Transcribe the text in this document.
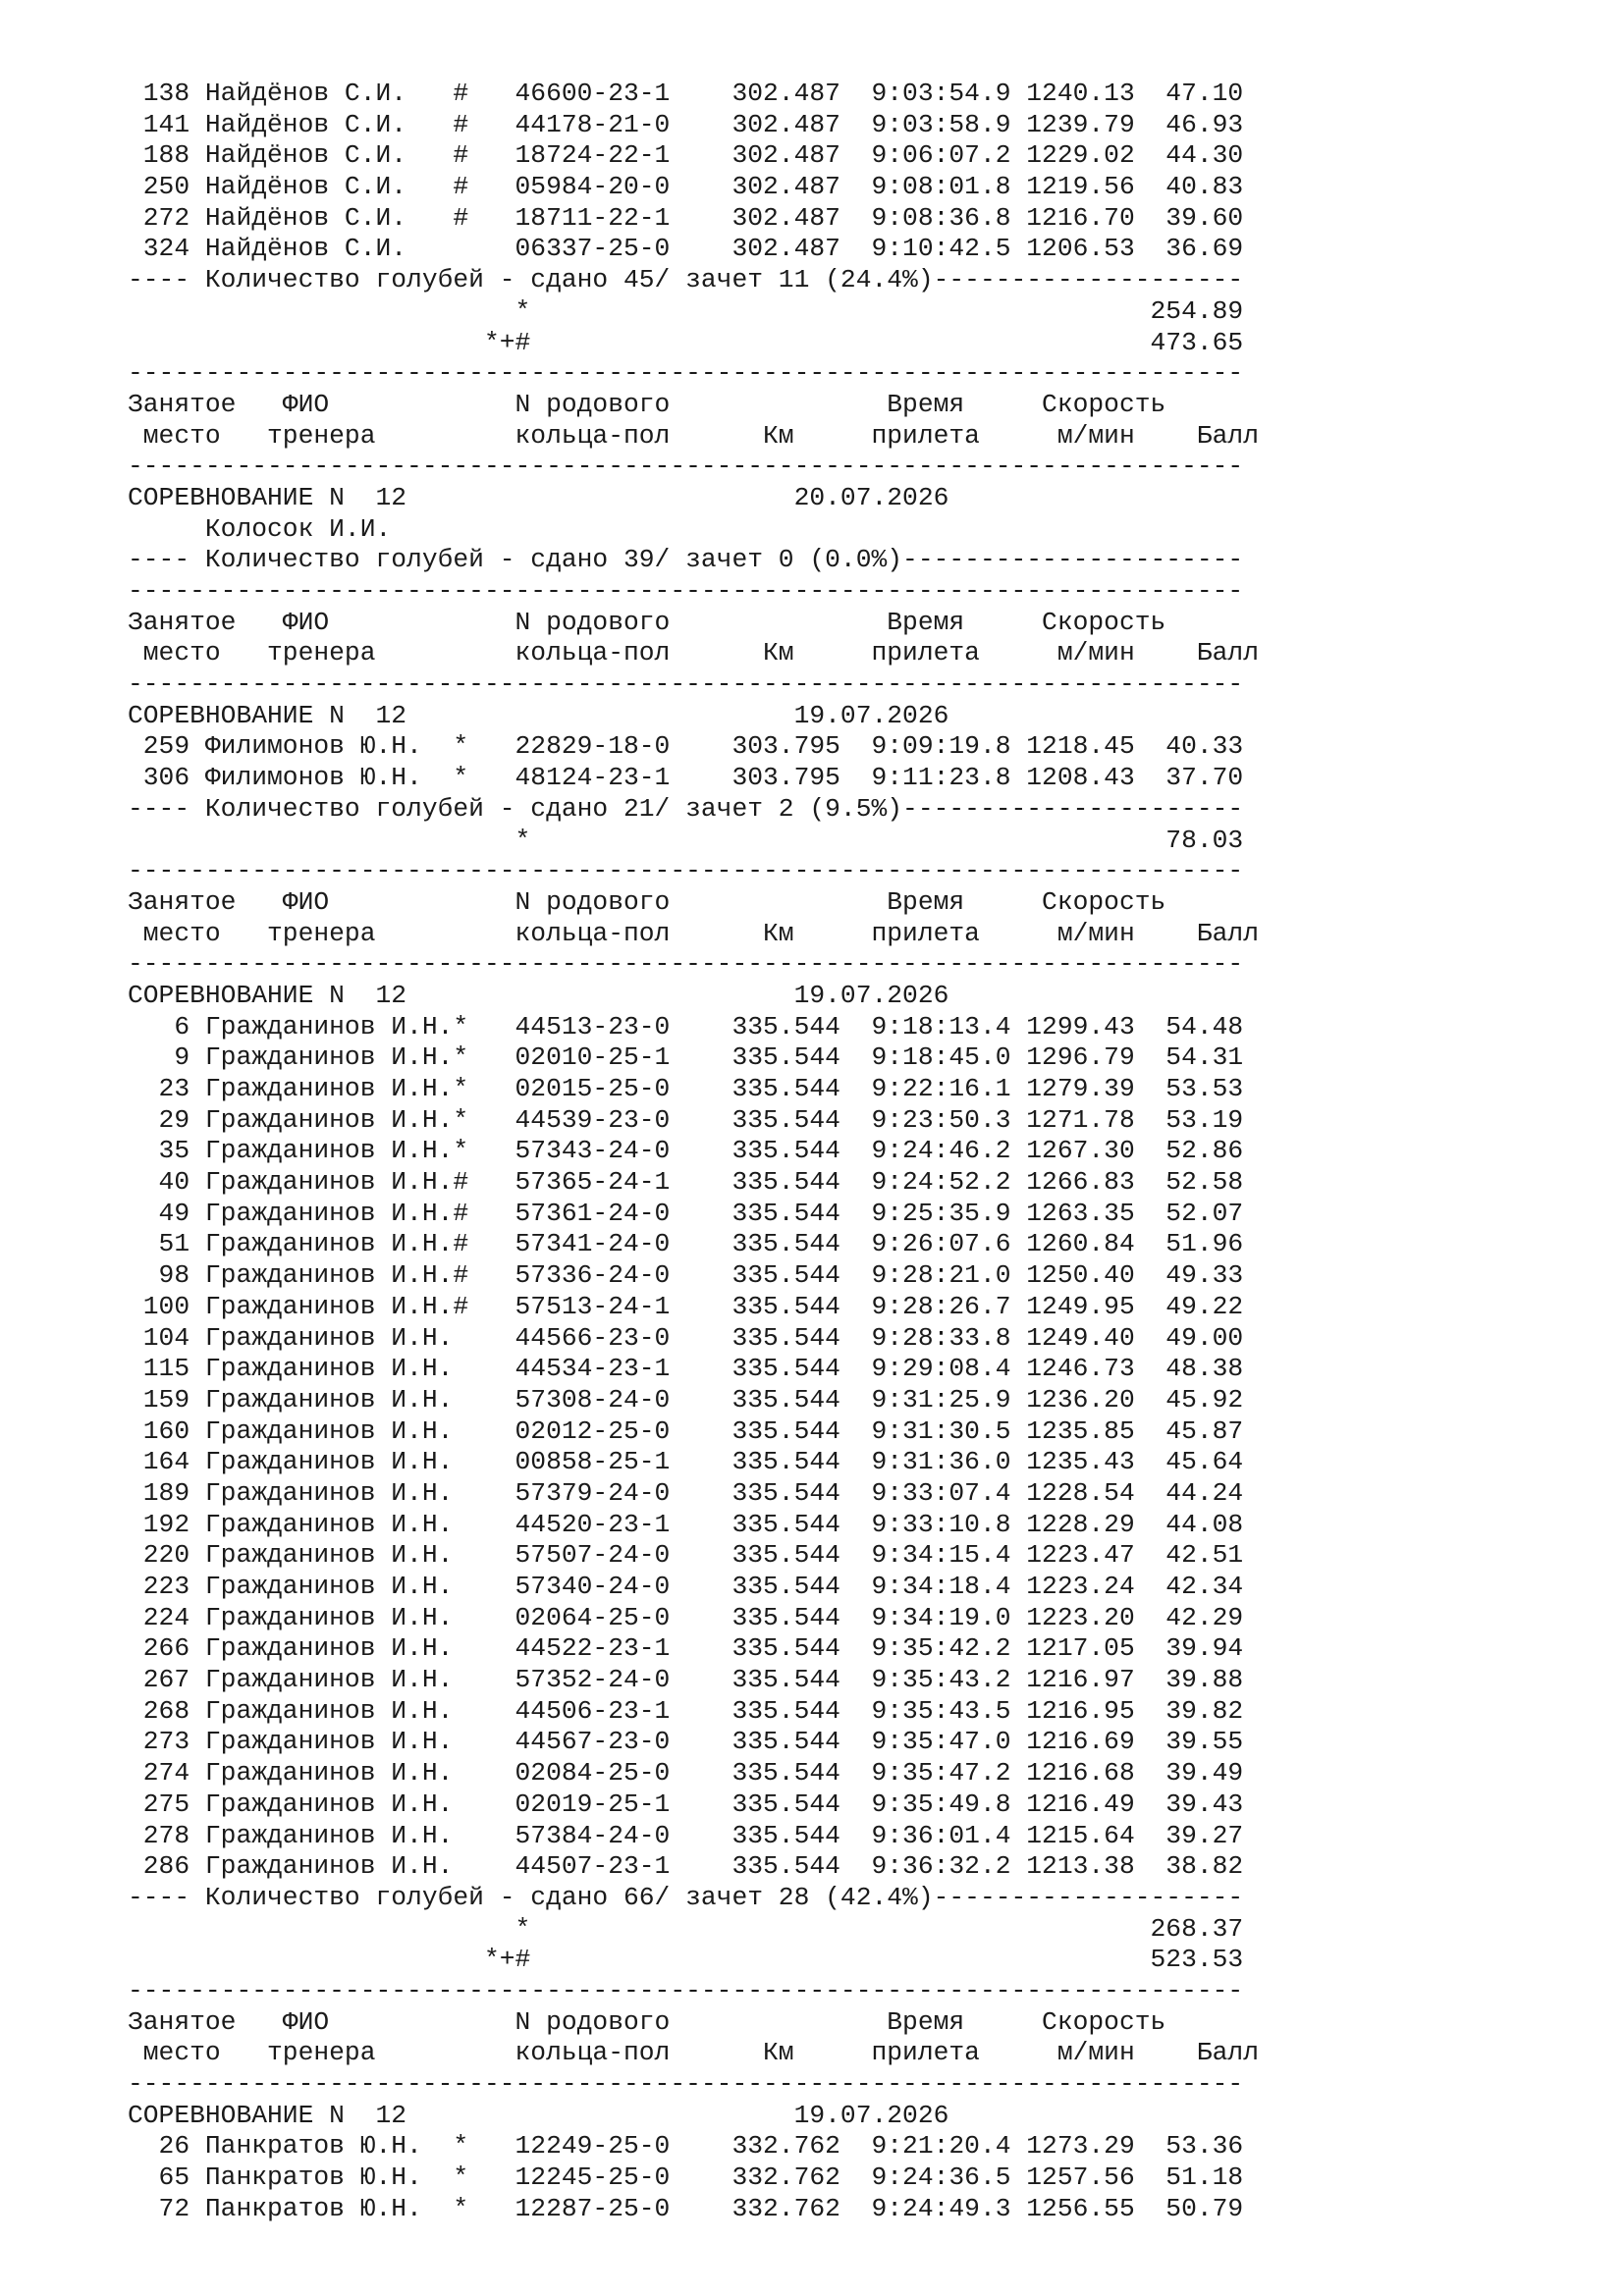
138 Найдёнов С.И.   #   46600-23-1    302.487  9:03:54.9 1240.13  47.10
141 Найдёнов С.И.   #   44178-21-0    302.487  9:03:58.9 1239.79  46.93
188 Найдёнов С.И.   #   18724-22-1    302.487  9:06:07.2 1229.02  44.30
250 Найдёнов С.И.   #   05984-20-0    302.487  9:08:01.8 1219.56  40.83
272 Найдёнов С.И.   #   18711-22-1    302.487  9:08:36.8 1216.70  39.60
324 Найдёнов С.И.       06337-25-0    302.487  9:10:42.5 1206.53  36.69
---- Количество голубей - сдано 45/ зачет 11 (24.4%)--------------------
*                                        254.89
*+#                                        473.65
------------------------------------------------------------------------
Занятое   ФИО            N родового              Время     Скорость
место   тренера         кольца-пол      Км     прилета     м/мин    Балл
------------------------------------------------------------------------
СОРЕВНОВАНИЕ N  12                         20.07.2026
Колосок И.И.
---- Количество голубей - сдано 39/ зачет 0 (0.0%)----------------------
------------------------------------------------------------------------
Занятое   ФИО            N родового              Время     Скорость
место   тренера         кольца-пол      Км     прилета     м/мин    Балл
------------------------------------------------------------------------
СОРЕВНОВАНИЕ N  12                         19.07.2026
259 Филимонов Ю.Н.  *   22829-18-0    303.795  9:09:19.8 1218.45  40.33
306 Филимонов Ю.Н.  *   48124-23-1    303.795  9:11:23.8 1208.43  37.70
---- Количество голубей - сдано 21/ зачет 2 (9.5%)----------------------
*                                         78.03
------------------------------------------------------------------------
Занятое   ФИО            N родового              Время     Скорость
место   тренера         кольца-пол      Км     прилета     м/мин    Балл
------------------------------------------------------------------------
СОРЕВНОВАНИЕ N  12                         19.07.2026
6 Гражданинов И.Н.*   44513-23-0    335.544  9:18:13.4 1299.43  54.48
9 Гражданинов И.Н.*   02010-25-1    335.544  9:18:45.0 1296.79  54.31
23 Гражданинов И.Н.*   02015-25-0    335.544  9:22:16.1 1279.39  53.53
29 Гражданинов И.Н.*   44539-23-0    335.544  9:23:50.3 1271.78  53.19
35 Гражданинов И.Н.*   57343-24-0    335.544  9:24:46.2 1267.30  52.86
40 Гражданинов И.Н.#   57365-24-1    335.544  9:24:52.2 1266.83  52.58
49 Гражданинов И.Н.#   57361-24-0    335.544  9:25:35.9 1263.35  52.07
51 Гражданинов И.Н.#   57341-24-0    335.544  9:26:07.6 1260.84  51.96
98 Гражданинов И.Н.#   57336-24-0    335.544  9:28:21.0 1250.40  49.33
100 Гражданинов И.Н.#   57513-24-1    335.544  9:28:26.7 1249.95  49.22
104 Гражданинов И.Н.    44566-23-0    335.544  9:28:33.8 1249.40  49.00
115 Гражданинов И.Н.    44534-23-1    335.544  9:29:08.4 1246.73  48.38
159 Гражданинов И.Н.    57308-24-0    335.544  9:31:25.9 1236.20  45.92
160 Гражданинов И.Н.    02012-25-0    335.544  9:31:30.5 1235.85  45.87
164 Гражданинов И.Н.    00858-25-1    335.544  9:31:36.0 1235.43  45.64
189 Гражданинов И.Н.    57379-24-0    335.544  9:33:07.4 1228.54  44.24
192 Гражданинов И.Н.    44520-23-1    335.544  9:33:10.8 1228.29  44.08
220 Гражданинов И.Н.    57507-24-0    335.544  9:34:15.4 1223.47  42.51
223 Гражданинов И.Н.    57340-24-0    335.544  9:34:18.4 1223.24  42.34
224 Гражданинов И.Н.    02064-25-0    335.544  9:34:19.0 1223.20  42.29
266 Гражданинов И.Н.    44522-23-1    335.544  9:35:42.2 1217.05  39.94
267 Гражданинов И.Н.    57352-24-0    335.544  9:35:43.2 1216.97  39.88
268 Гражданинов И.Н.    44506-23-1    335.544  9:35:43.5 1216.95  39.82
273 Гражданинов И.Н.    44567-23-0    335.544  9:35:47.0 1216.69  39.55
274 Гражданинов И.Н.    02084-25-0    335.544  9:35:47.2 1216.68  39.49
275 Гражданинов И.Н.    02019-25-1    335.544  9:35:49.8 1216.49  39.43
278 Гражданинов И.Н.    57384-24-0    335.544  9:36:01.4 1215.64  39.27
286 Гражданинов И.Н.    44507-23-1    335.544  9:36:32.2 1213.38  38.82
---- Количество голубей - сдано 66/ зачет 28 (42.4%)--------------------
*                                        268.37
*+#                                        523.53
------------------------------------------------------------------------
Занятое   ФИО            N родового              Время     Скорость
место   тренера         кольца-пол      Км     прилета     м/мин    Балл
------------------------------------------------------------------------
СОРЕВНОВАНИЕ N  12                         19.07.2026
26 Панкратов Ю.Н.  *   12249-25-0    332.762  9:21:20.4 1273.29  53.36
65 Панкратов Ю.Н.  *   12245-25-0    332.762  9:24:36.5 1257.56  51.18
72 Панкратов Ю.Н.  *   12287-25-0    332.762  9:24:49.3 1256.55  50.79
